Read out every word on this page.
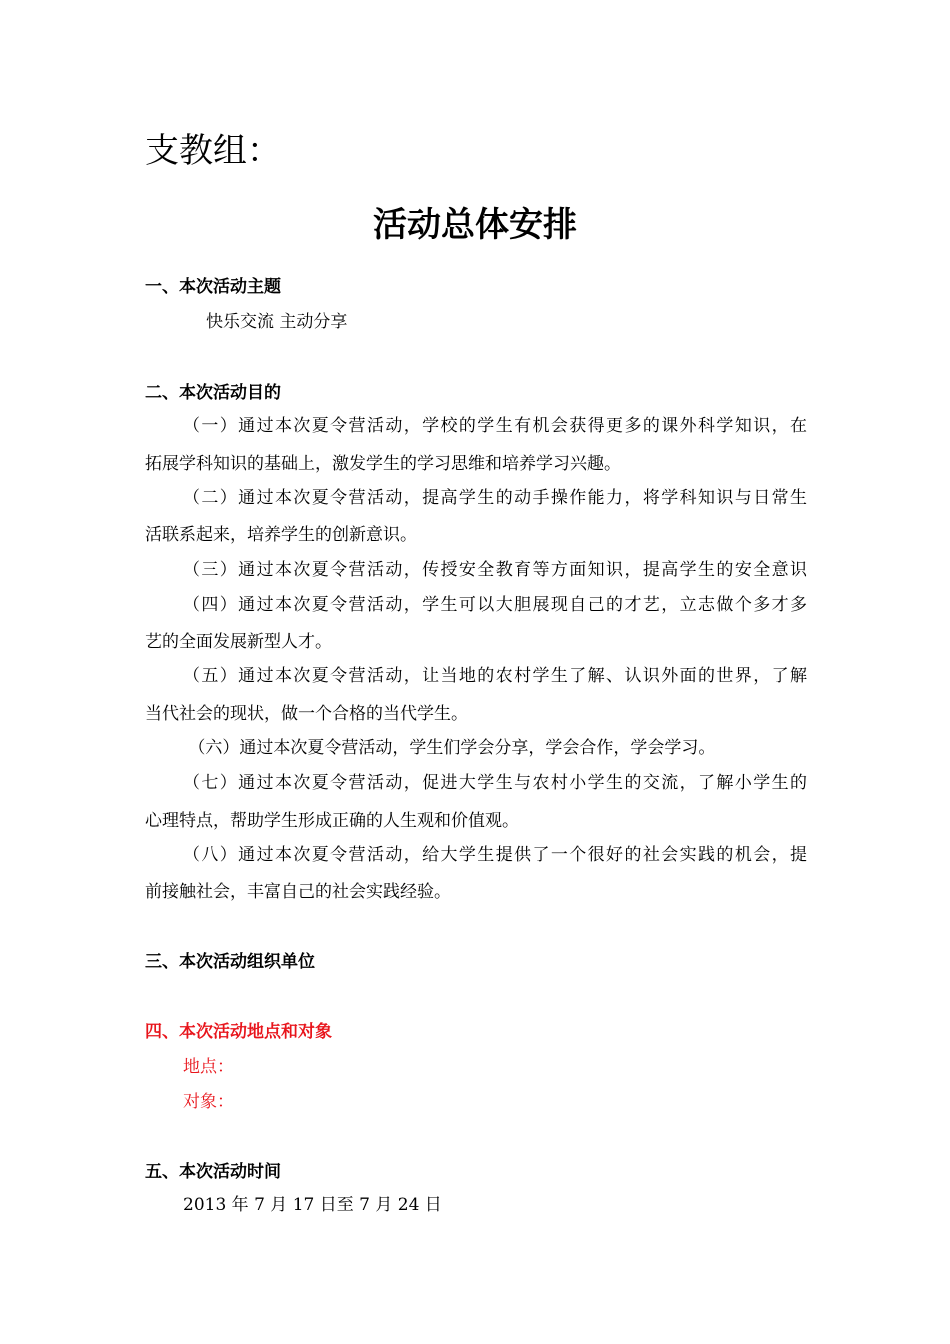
支教组：
活动总体安排
一、本次活动主题
快乐交流 主动分享
二、本次活动目的
（一）通过本次夏令营活动，学校的学生有机会获得更多的课外科学知识，在
拓展学科知识的基础上，激发学生的学习思维和培养学习兴趣。
（二）通过本次夏令营活动，提高学生的动手操作能力，将学科知识与日常生
活联系起来，培养学生的创新意识。
（三）通过本次夏令营活动，传授安全教育等方面知识，提高学生的安全意识
（四）通过本次夏令营活动，学生可以大胆展现自己的才艺，立志做个多才多
艺的全面发展新型人才。
（五）通过本次夏令营活动，让当地的农村学生了解、认识外面的世界，了解
当代社会的现状，做一个合格的当代学生。
（六）通过本次夏令营活动，学生们学会分享，学会合作，学会学习。
（七）通过本次夏令营活动，促进大学生与农村小学生的交流，了解小学生的
心理特点，帮助学生形成正确的人生观和价值观。
（八）通过本次夏令营活动，给大学生提供了一个很好的社会实践的机会，提
前接触社会，丰富自己的社会实践经验。
三、本次活动组织单位
四、本次活动地点和对象
地点：
对象：
五、本次活动时间
2013 年 7 月 17 日至 7 月 24 日
